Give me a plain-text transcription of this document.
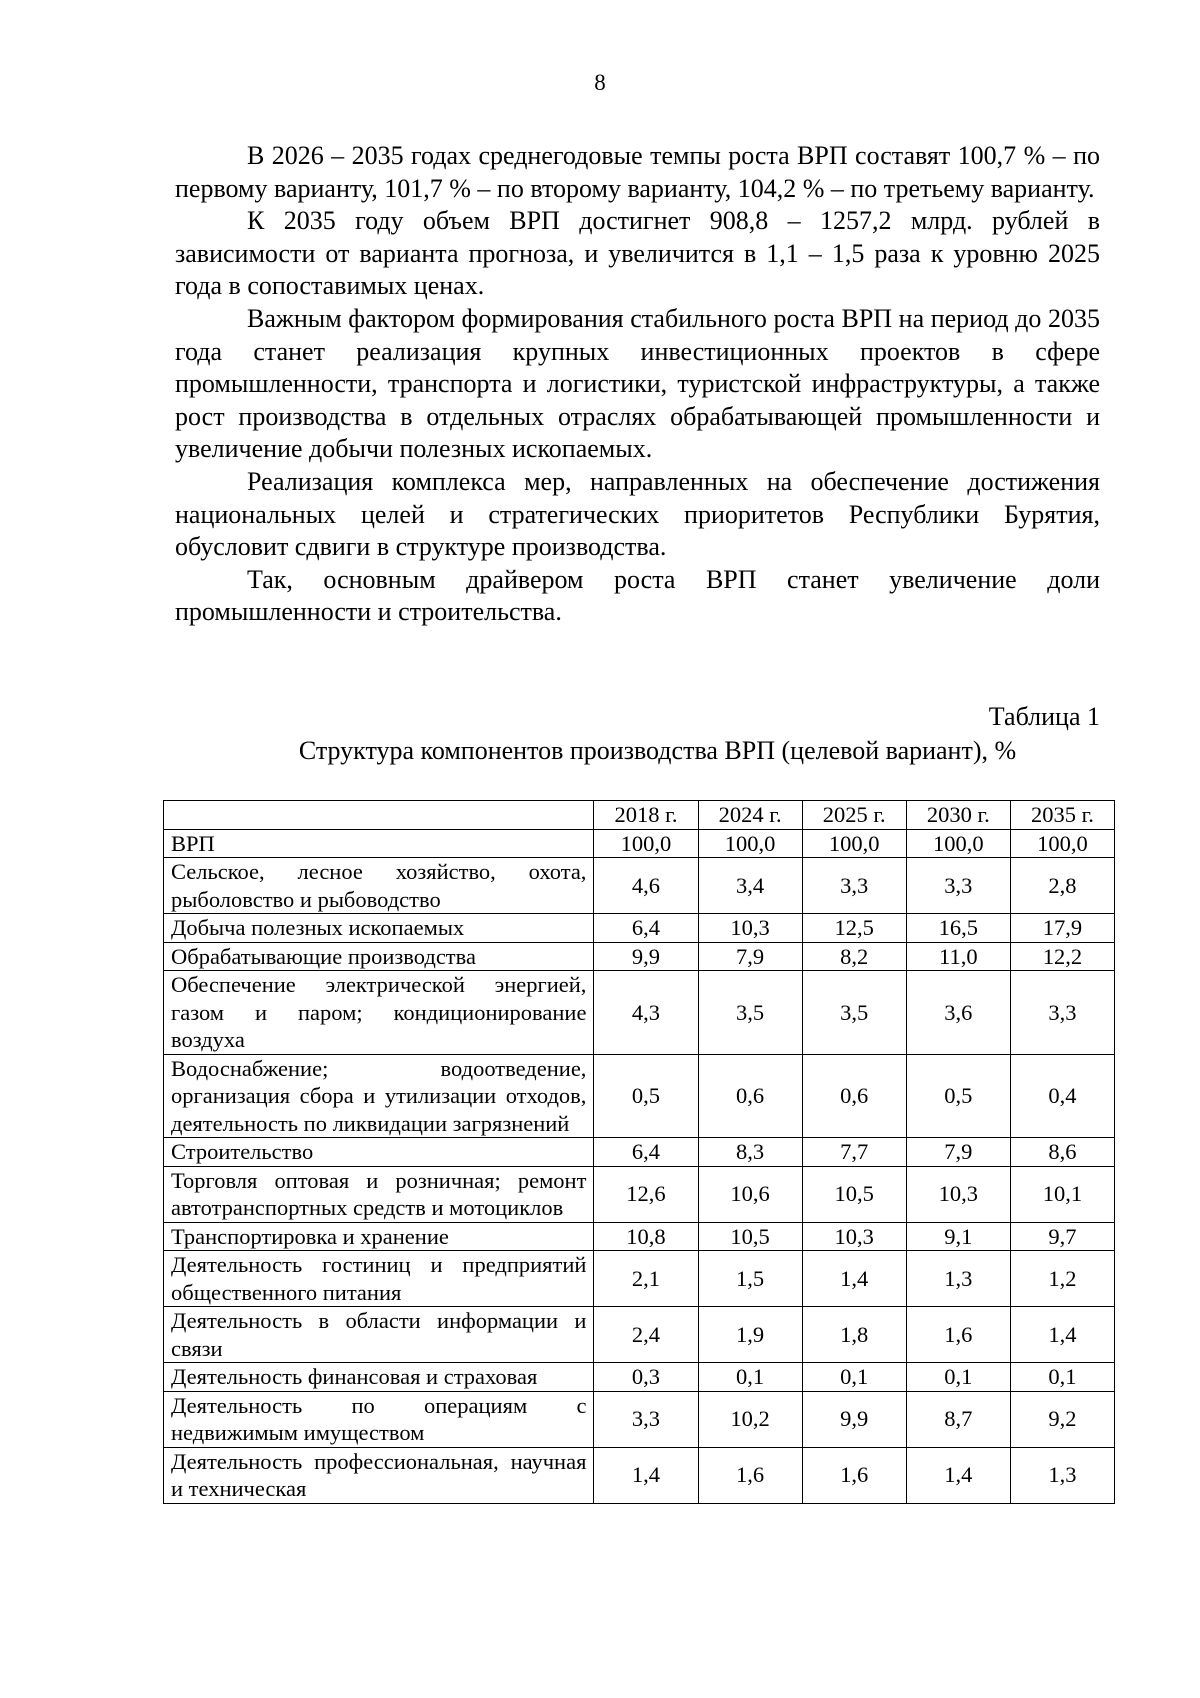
8

В 2026 – 2035 годах среднегодовые темпы роста ВРП составят 100,7 % – по первому варианту, 101,7 % – по второму варианту, 104,2 % – по третьему варианту.

К 2035 году объем ВРП достигнет 908,8 – 1257,2 млрд. рублей в зависимости от варианта прогноза, и увеличится в 1,1 – 1,5 раза к уровню 2025 года в сопоставимых ценах.

Важным фактором формирования стабильного роста ВРП на период до 2035 года станет реализация крупных инвестиционных проектов в сфере промышленности, транспорта и логистики, туристской инфраструктуры, а также рост производства в отдельных отраслях обрабатывающей промышленности и увеличение добычи полезных ископаемых.

Реализация комплекса мер, направленных на обеспечение достижения национальных целей и стратегических приоритетов Республики Бурятия, обусловит сдвиги в структуре производства.

Так, основным драйвером роста ВРП станет увеличение доли промышленности и строительства.

Таблица 1
Структура компонентов производства ВРП (целевой вариант), %
	2018 г.	2024 г.	2025 г.	2030 г.	2035 г.
ВРП	100,0	100,0	100,0	100,0	100,0
Сельское, лесное хозяйство, охота, рыболовство и рыбоводство	4,6	3,4	3,3	3,3	2,8
Добыча полезных ископаемых	6,4	10,3	12,5	16,5	17,9
Обрабатывающие производства	9,9	7,9	8,2	11,0	12,2
Обеспечение электрической энергией, газом и паром; кондиционирование воздуха	4,3	3,5	3,5	3,6	3,3
Водоснабжение; водоотведение, организация сбора и утилизации отходов, деятельность по ликвидации загрязнений	0,5	0,6	0,6	0,5	0,4
Строительство	6,4	8,3	7,7	7,9	8,6
Торговля оптовая и розничная; ремонт автотранспортных средств и мотоциклов	12,6	10,6	10,5	10,3	10,1
Транспортировка и хранение	10,8	10,5	10,3	9,1	9,7
Деятельность гостиниц и предприятий общественного питания	2,1	1,5	1,4	1,3	1,2
Деятельность в области информации и связи	2,4	1,9	1,8	1,6	1,4
Деятельность финансовая и страховая	0,3	0,1	0,1	0,1	0,1
Деятельность по операциям с недвижимым имуществом	3,3	10,2	9,9	8,7	9,2
Деятельность профессиональная, научная и техническая	1,4	1,6	1,6	1,4	1,3
